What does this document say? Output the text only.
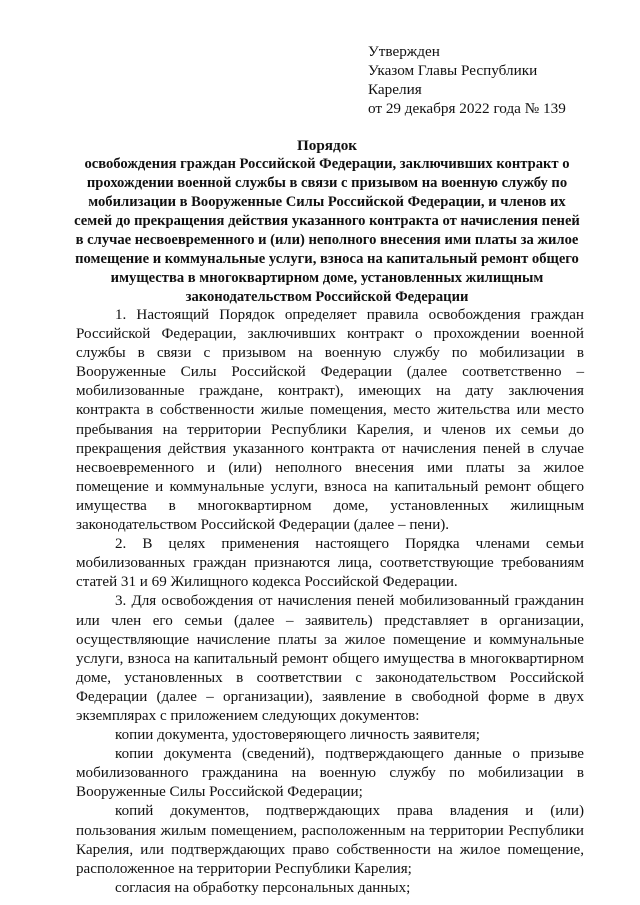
Утвержден
Указом Главы Республики
Карелия
от 29 декабря 2022 года № 139
Порядок
освобождения граждан Российской Федерации, заключивших контракт о прохождении военной службы в связи с призывом на военную службу по мобилизации в Вооруженные Силы Российской Федерации, и членов их семей до прекращения действия указанного контракта от начисления пеней в случае несвоевременного и (или) неполного внесения ими платы за жилое помещение и коммунальные услуги, взноса на капитальный ремонт общего имущества в многоквартирном доме, установленных жилищным законодательством Российской Федерации

1. Настоящий Порядок определяет правила освобождения граждан Российской Федерации, заключивших контракт о прохождении военной службы в связи с призывом на военную службу по мобилизации в Вооруженные Силы Российской Федерации (далее соответственно – мобилизованные граждане, контракт), имеющих на дату заключения контракта в собственности жилые помещения, место жительства или место пребывания на территории Республики Карелия, и членов их семьи до прекращения действия указанного контракта от начисления пеней в случае несвоевременного и (или) неполного внесения ими платы за жилое помещение и коммунальные услуги, взноса на капитальный ремонт общего имущества в многоквартирном доме, установленных жилищным законодательством Российской Федерации (далее – пени).

2. В целях применения настоящего Порядка членами семьи мобилизованных граждан признаются лица, соответствующие требованиям статей 31 и 69 Жилищного кодекса Российской Федерации.

3. Для освобождения от начисления пеней мобилизованный гражданин или член его семьи (далее – заявитель) представляет в организации, осуществляющие начисление платы за жилое помещение и коммунальные услуги, взноса на капитальный ремонт общего имущества в многоквартирном доме, установленных в соответствии с законодательством Российской Федерации (далее – организации), заявление в свободной форме в двух экземплярах с приложением следующих документов:

копии документа, удостоверяющего личность заявителя;

копии документа (сведений), подтверждающего данные о призыве мобилизованного гражданина на военную службу по мобилизации в Вооруженные Силы Российской Федерации;

копий документов, подтверждающих права владения и (или) пользования жилым помещением, расположенным на территории Республики Карелия, или подтверждающих право собственности на жилое помещение, расположенное на территории Республики Карелия;

согласия на обработку персональных данных;
